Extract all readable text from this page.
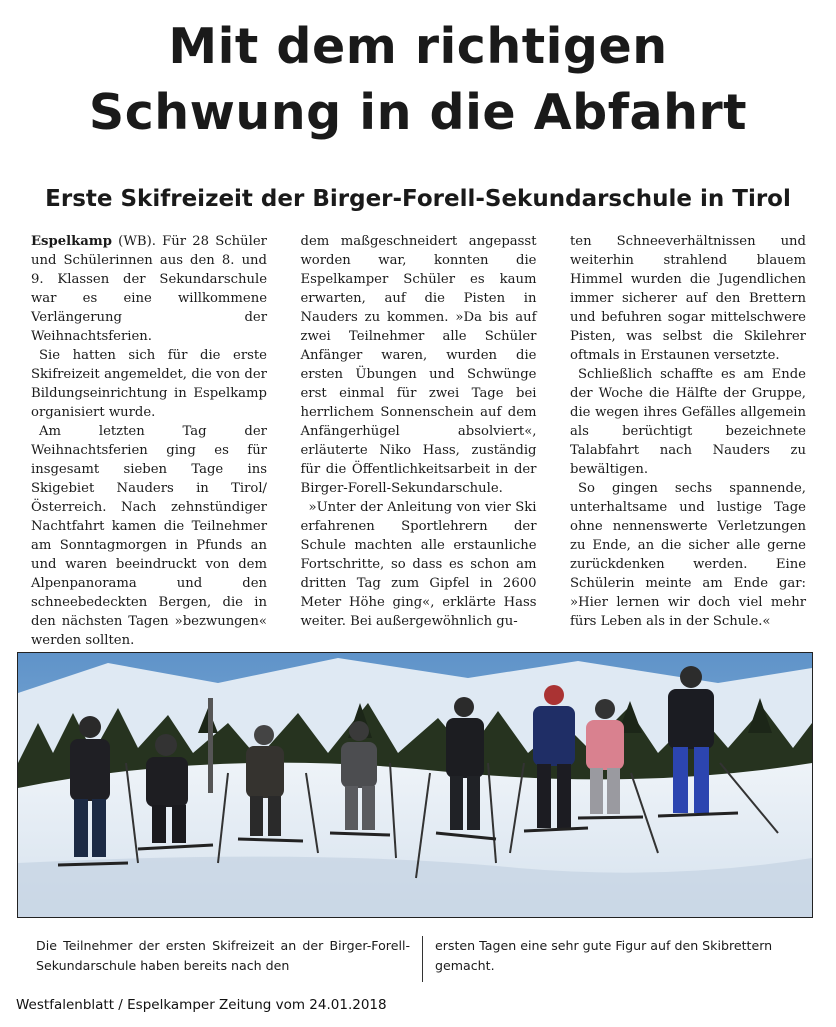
Mit dem richtigen
Schwung in die Abfahrt
Erste Skifreizeit der Birger-Forell-Sekundarschule in Tirol

Espelkamp (WB). Für 28 Schüler und Schülerinnen aus den 8. und 9. Klassen der Sekundarschule war es eine willkommene Verlängerung der Weihnachtsferien.

Sie hatten sich für die erste Skifreizeit angemeldet, die von der Bildungseinrichtung in Espelkamp organisiert wurde.

Am letzten Tag der Weihnachtsferien ging es für insgesamt sieben Tage ins Skigebiet Nauders in Tirol/Österreich. Nach zehnstündiger Nachtfahrt kamen die Teilnehmer am Sonntagmorgen in Pfunds an und waren beeindruckt von dem Alpenpanorama und den schneebedeckten Bergen, die in den nächsten Tagen »bezwungen« werden sollten.

dem maßgeschneidert angepasst worden war, konnten die Espelkamper Schüler es kaum erwarten, auf die Pisten in Nauders zu kommen. »Da bis auf zwei Teilnehmer alle Schüler Anfänger waren, wurden die ersten Übungen und Schwünge erst einmal für zwei Tage bei herrlichem Sonnenschein auf dem Anfängerhügel absolviert«, erläuterte Niko Hass, zuständig für die Öffentlichkeitsarbeit in der Birger-Forell-Sekundarschule.

»Unter der Anleitung von vier Ski erfahrenen Sportlehrern der Schule machten alle erstaunliche Fortschritte, so dass es schon am dritten Tag zum Gipfel in 2600 Meter Höhe ging«, erklärte Hass weiter. Bei außergewöhnlich gu-

ten Schneeverhältnissen und weiterhin strahlend blauem Himmel wurden die Jugendlichen immer sicherer auf den Brettern und befuhren sogar mittelschwere Pisten, was selbst die Skilehrer oftmals in Erstaunen versetzte.

Schließlich schaffte es am Ende der Woche die Hälfte der Gruppe, die wegen ihres Gefälles allgemein als berüchtigt bezeichnete Talabfahrt nach Nauders zu bewältigen.

So gingen sechs spannende, unterhaltsame und lustige Tage ohne nennenswerte Verletzungen zu Ende, an die sicher alle gerne zurückdenken werden. Eine Schülerin meinte am Ende gar: »Hier lernen wir doch viel mehr fürs Leben als in der Schule.«

Die Teilnehmer der ersten Skifreizeit an der Birger-Forell-Sekundarschule haben bereits nach den
ersten Tagen eine sehr gute Figur auf den Skibrettern gemacht.
Westfalenblatt / Espelkamper Zeitung vom 24.01.2018
